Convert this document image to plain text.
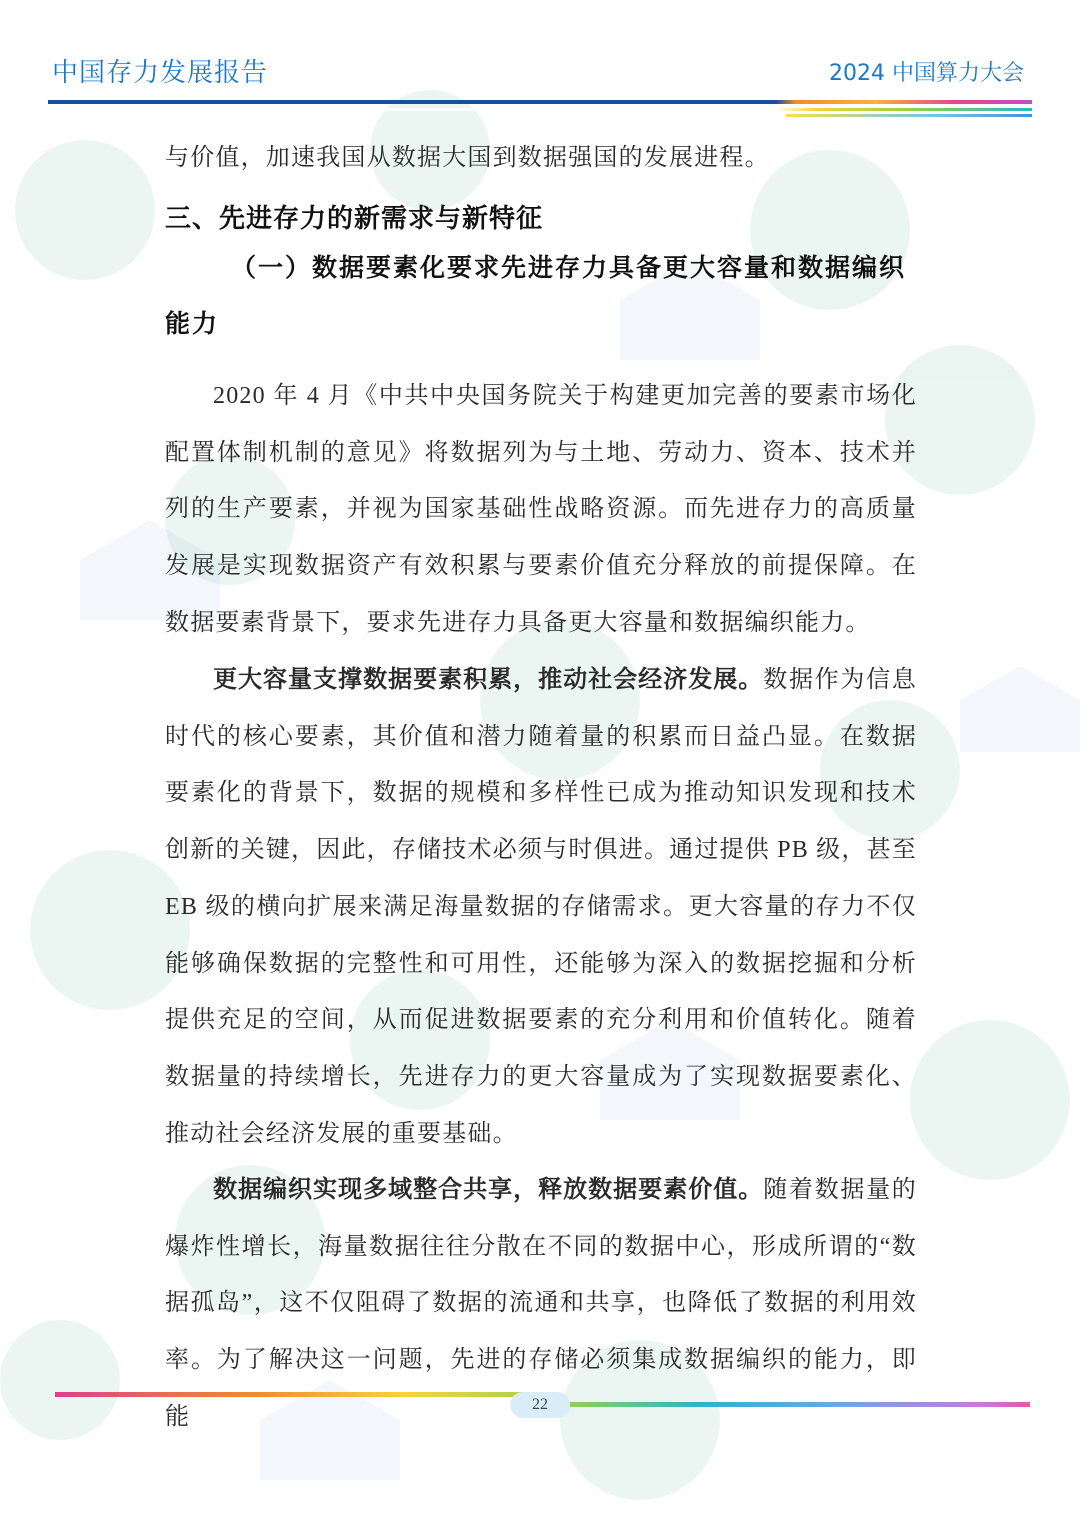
中国存力发展报告	2024 中国算力大会

与价值，加速我国从数据大国到数据强国的发展进程。

三、先进存力的新需求与新特征

（一）数据要素化要求先进存力具备更大容量和数据编织能力

2020 年 4 月《中共中央国务院关于构建更加完善的要素市场化配置体制机制的意见》将数据列为与土地、劳动力、资本、技术并列的生产要素，并视为国家基础性战略资源。而先进存力的高质量发展是实现数据资产有效积累与要素价值充分释放的前提保障。在数据要素背景下，要求先进存力具备更大容量和数据编织能力。

更大容量支撑数据要素积累，推动社会经济发展。数据作为信息时代的核心要素，其价值和潜力随着量的积累而日益凸显。在数据要素化的背景下，数据的规模和多样性已成为推动知识发现和技术创新的关键，因此，存储技术必须与时俱进。通过提供 PB 级，甚至 EB 级的横向扩展来满足海量数据的存储需求。更大容量的存力不仅能够确保数据的完整性和可用性，还能够为深入的数据挖掘和分析提供充足的空间，从而促进数据要素的充分利用和价值转化。随着数据量的持续增长，先进存力的更大容量成为了实现数据要素化、推动社会经济发展的重要基础。

数据编织实现多域整合共享，释放数据要素价值。随着数据量的爆炸性增长，海量数据往往分散在不同的数据中心，形成所谓的“数据孤岛”，这不仅阻碍了数据的流通和共享，也降低了数据的利用效率。为了解决这一问题，先进的存储必须集成数据编织的能力，即能	22
